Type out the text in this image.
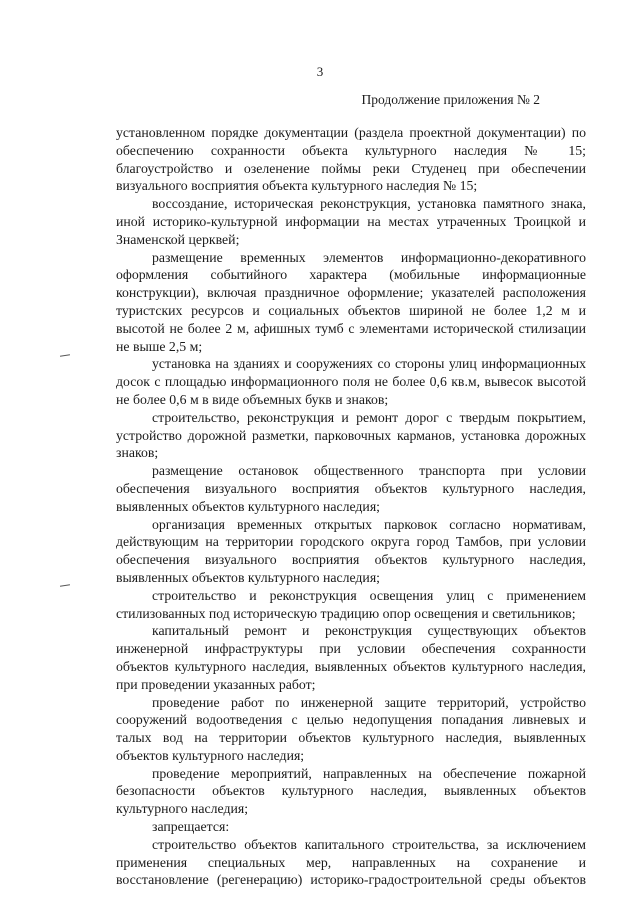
3
Продолжение приложения № 2
установленном порядке документации (раздела проектной документации) по
обеспечению сохранности объекта культурного наследия № 15;
благоустройство и озеленение поймы реки Студенец при обеспечении
визуального восприятия объекта культурного наследия № 15;
воссоздание, историческая реконструкция, установка памятного знака,
иной историко-культурной информации на местах утраченных Троицкой и
Знаменской церквей;
размещение временных элементов информационно-декоративного
оформления событийного характера (мобильные информационные
конструкции), включая праздничное оформление; указателей расположения
туристских ресурсов и социальных объектов шириной не более 1,2 м и
высотой не более 2 м, афишных тумб с элементами исторической стилизации
не выше 2,5 м;
установка на зданиях и сооружениях со стороны улиц информационных
досок с площадью информационного поля не более 0,6 кв.м, вывесок высотой
не более 0,6 м в виде объемных букв и знаков;
строительство, реконструкция и ремонт дорог с твердым покрытием,
устройство дорожной разметки, парковочных карманов, установка дорожных
знаков;
размещение остановок общественного транспорта при условии
обеспечения визуального восприятия объектов культурного наследия,
выявленных объектов культурного наследия;
организация временных открытых парковок согласно нормативам,
действующим на территории городского округа город Тамбов, при условии
обеспечения визуального восприятия объектов культурного наследия,
выявленных объектов культурного наследия;
строительство и реконструкция освещения улиц с применением
стилизованных под историческую традицию опор освещения и светильников;
капитальный ремонт и реконструкция существующих объектов
инженерной инфраструктуры при условии обеспечения сохранности
объектов культурного наследия, выявленных объектов культурного наследия,
при проведении указанных работ;
проведение работ по инженерной защите территорий, устройство
сооружений водоотведения с целью недопущения попадания ливневых и
талых вод на территории объектов культурного наследия, выявленных
объектов культурного наследия;
проведение мероприятий, направленных на обеспечение пожарной
безопасности объектов культурного наследия, выявленных объектов
культурного наследия;
запрещается:
строительство объектов капитального строительства, за исключением
применения специальных мер, направленных на сохранение и
восстановление (регенерацию) историко-градостроительной среды объектов
